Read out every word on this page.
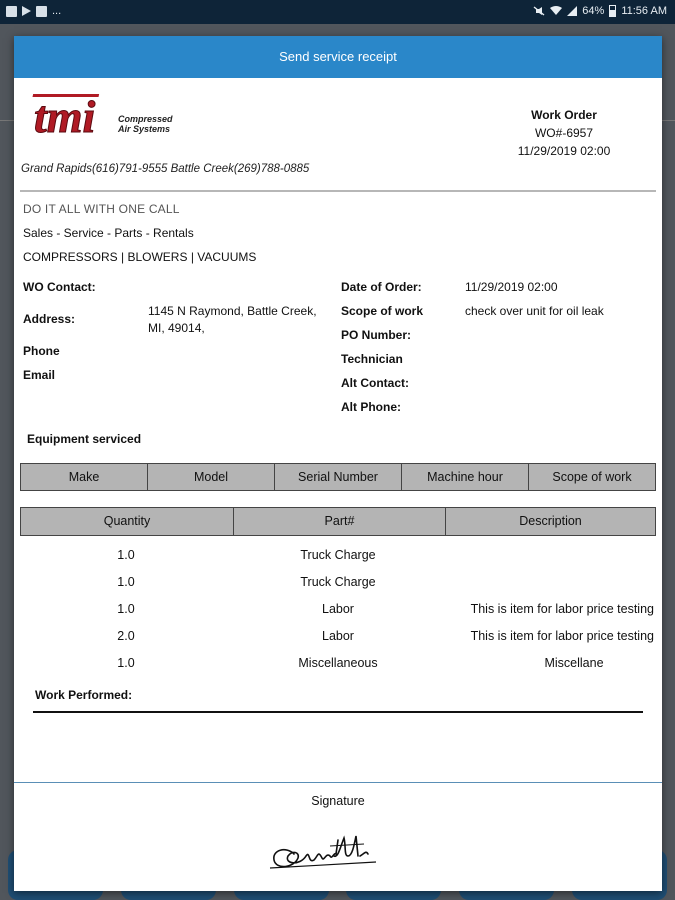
...	64% 11:56 AM
Send service receipt
tmi	Compressed
Air Systems
Grand Rapids(616)791-9555 Battle Creek(269)788-0885
Work Order
WO#-6957
11/29/2019 02:00
DO IT ALL WITH ONE CALL
Sales - Service - Parts - Rentals
COMPRESSORS | BLOWERS | VACUUMS
WO Contact:
Address:
1145 N Raymond, Battle Creek,
MI, 49014,
Phone
Email
Date of Order:	11/29/2019 02:00
Scope of work	check over unit for oil leak
PO Number:
Technician
Alt Contact:
Alt Phone:
Equipment serviced
Make	Model	Serial Number	Machine hour	Scope of work
Quantity	Part#	Description
1.0	Truck Charge
1.0	Truck Charge
1.0	Labor	This is item for labor price testing
2.0	Labor	This is item for labor price testing
1.0	Miscellaneous	Miscellane
Work Performed:
Signature
